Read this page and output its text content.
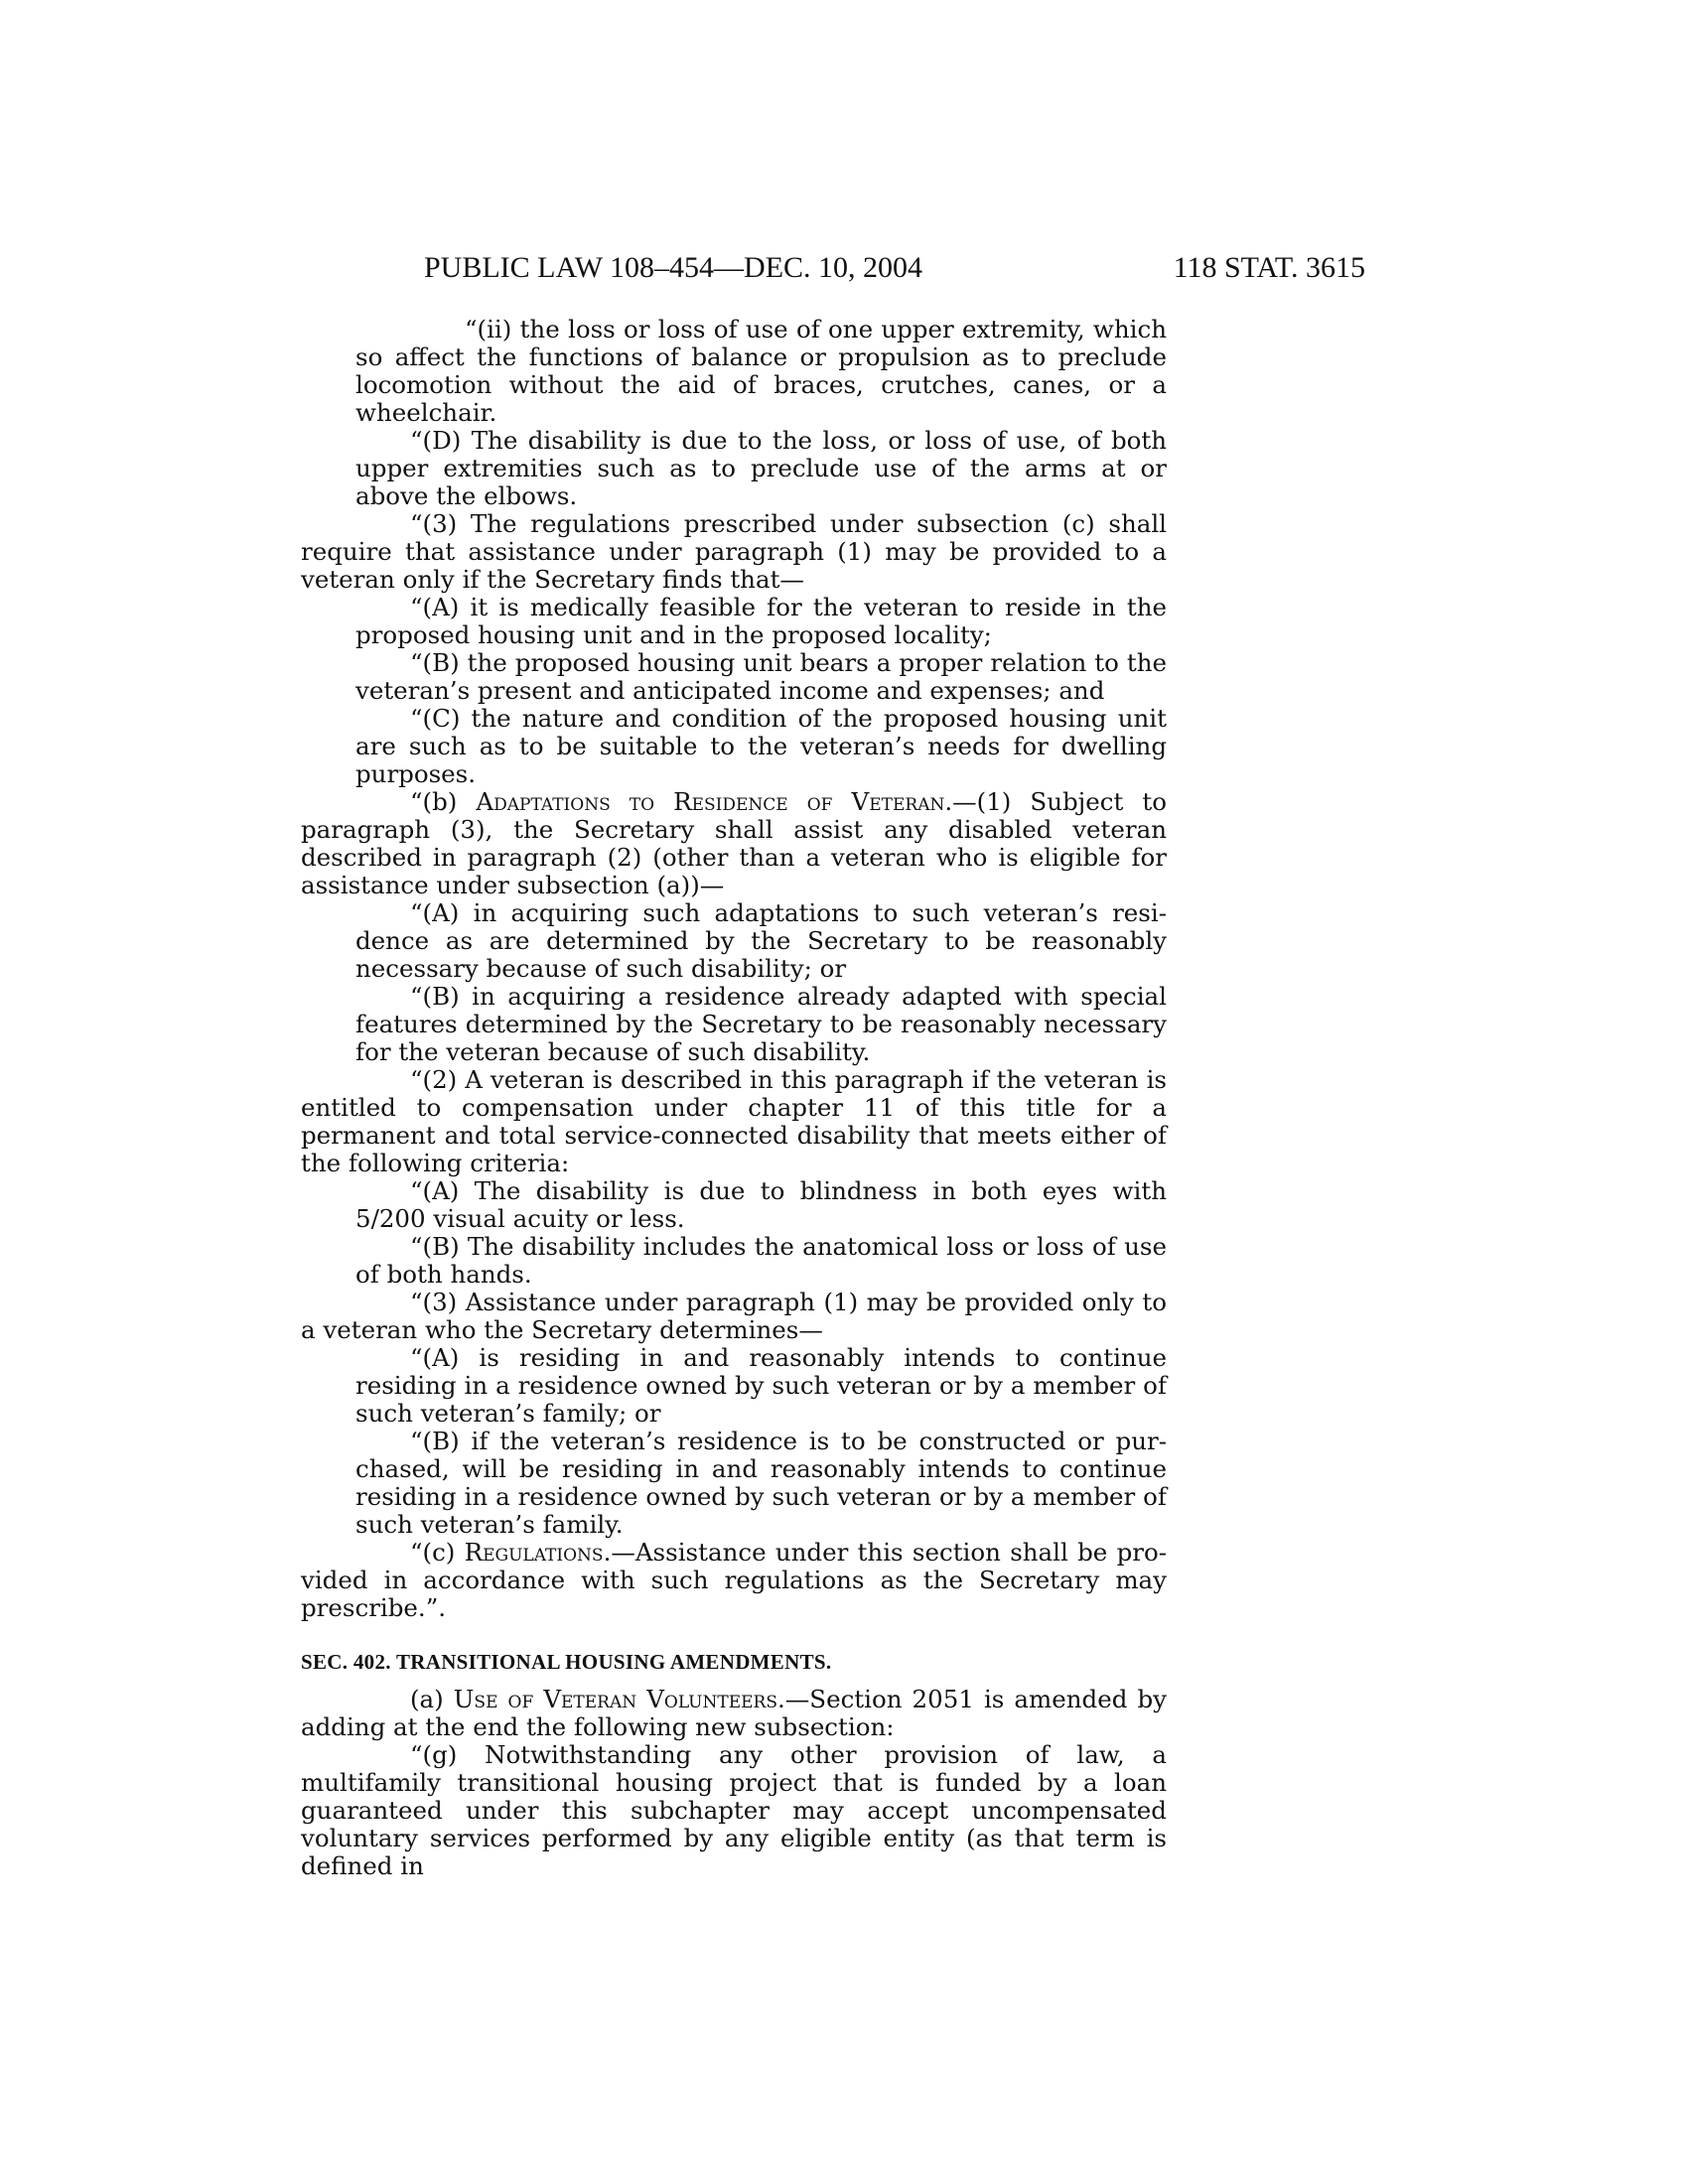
PUBLIC LAW 108–454—DEC. 10, 2004	118 STAT. 3615

“(ii) the loss or loss of use of one upper extremity, which so affect the functions of balance or propulsion as to preclude locomotion without the aid of braces, crutches, canes, or a wheelchair.

“(D) The disability is due to the loss, or loss of use, of both upper extremities such as to preclude use of the arms at or above the elbows.

“(3) The regulations prescribed under subsection (c) shall require that assistance under paragraph (1) may be provided to a veteran only if the Secretary finds that—

“(A) it is medically feasible for the veteran to reside in the proposed housing unit and in the proposed locality;

“(B) the proposed housing unit bears a proper relation to the veteran’s present and anticipated income and expenses; and

“(C) the nature and condition of the proposed housing unit are such as to be suitable to the veteran’s needs for dwelling purposes.

“(b) Adaptations to Residence of Veteran.—(1) Subject to paragraph (3), the Secretary shall assist any disabled veteran described in paragraph (2) (other than a veteran who is eligible for assistance under subsection (a))—

“(A) in acquiring such adaptations to such veteran’s residence as are determined by the Secretary to be reasonably necessary because of such disability; or

“(B) in acquiring a residence already adapted with special features determined by the Secretary to be reasonably necessary for the veteran because of such disability.

“(2) A veteran is described in this paragraph if the veteran is entitled to compensation under chapter 11 of this title for a permanent and total service-connected disability that meets either of the following criteria:

“(A) The disability is due to blindness in both eyes with 5/200 visual acuity or less.

“(B) The disability includes the anatomical loss or loss of use of both hands.

“(3) Assistance under paragraph (1) may be provided only to a veteran who the Secretary determines—

“(A) is residing in and reasonably intends to continue residing in a residence owned by such veteran or by a member of such veteran’s family; or

“(B) if the veteran’s residence is to be constructed or purchased, will be residing in and reasonably intends to continue residing in a residence owned by such veteran or by a member of such veteran’s family.

“(c) Regulations.—Assistance under this section shall be provided in accordance with such regulations as the Secretary may prescribe.”.

SEC. 402. TRANSITIONAL HOUSING AMENDMENTS.

(a) Use of Veteran Volunteers.—Section 2051 is amended by adding at the end the following new subsection:

“(g) Notwithstanding any other provision of law, a multifamily transitional housing project that is funded by a loan guaranteed under this subchapter may accept uncompensated voluntary services performed by any eligible entity (as that term is defined in
